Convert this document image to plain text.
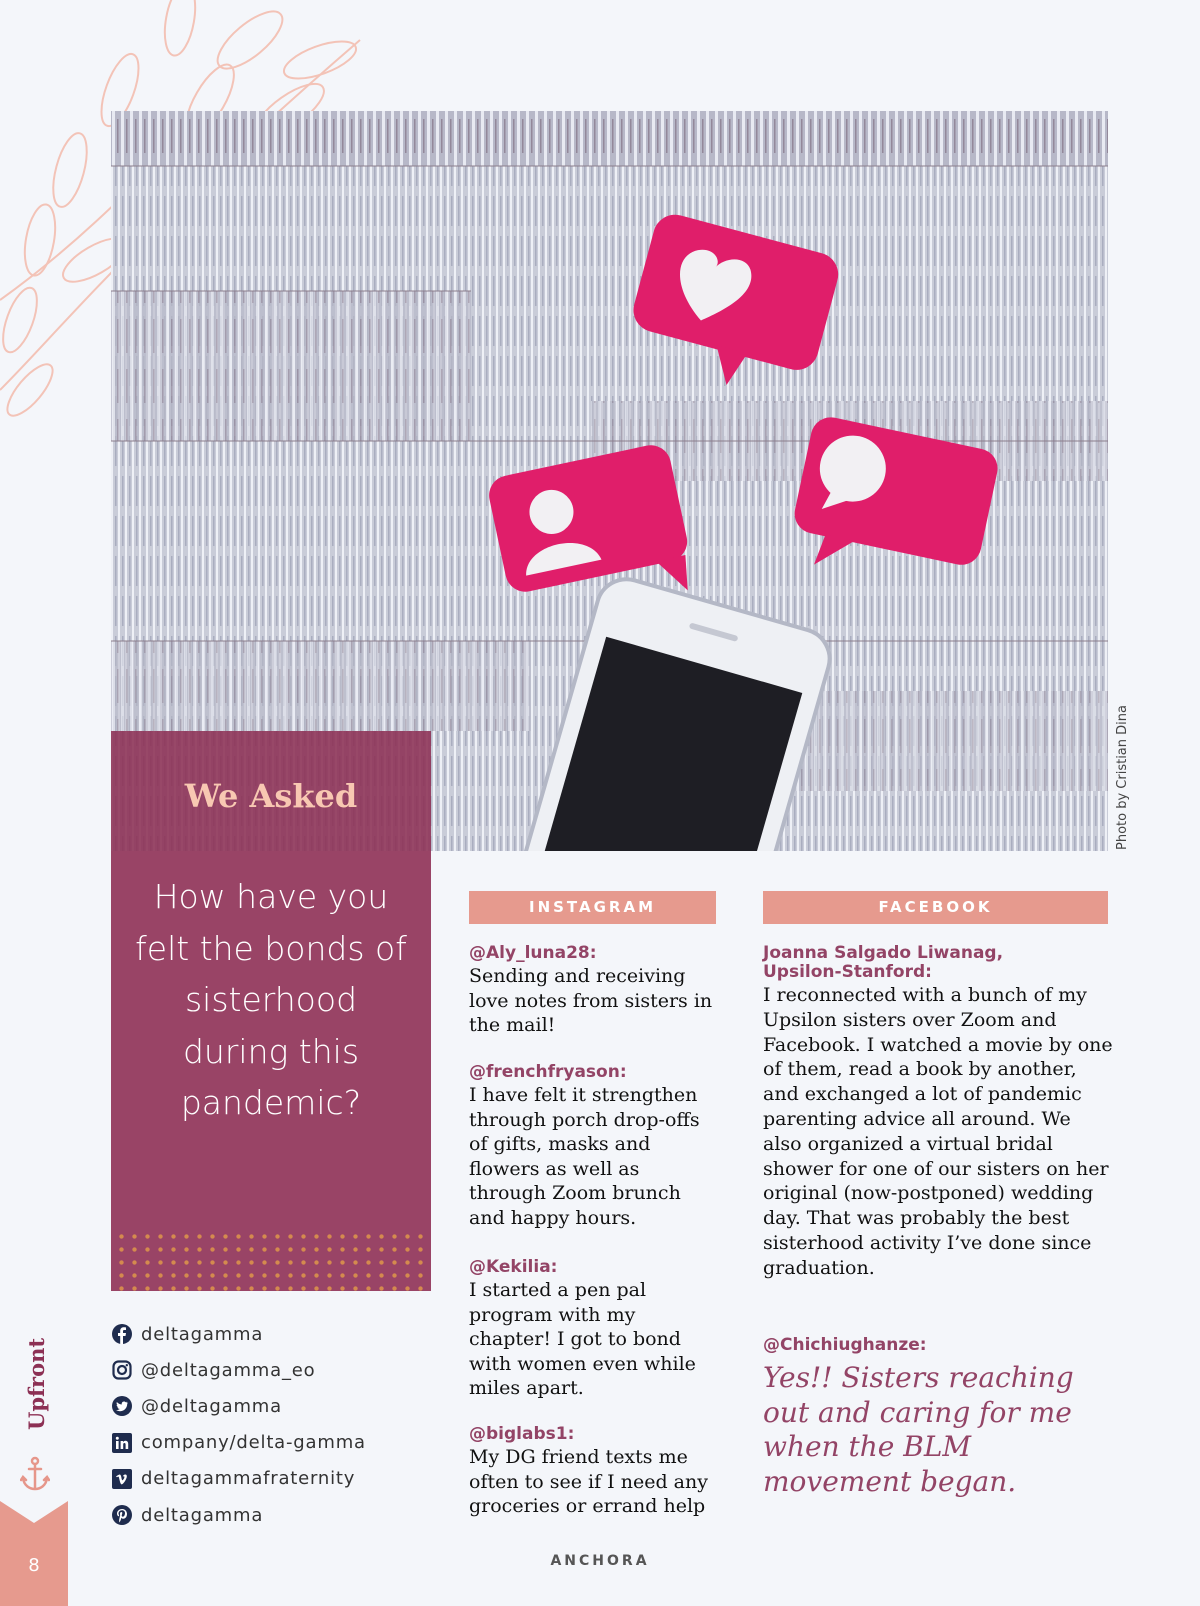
Photo by Cristian Dina
We Asked
How have you felt the bonds of sisterhood during this pandemic?
INSTAGRAM
@Aly_luna28:
Sending and receiving love notes from sisters in the mail!
@frenchfryason:
I have felt it strengthen through porch drop-offs of gifts, masks and flowers as well as through Zoom brunch and happy hours.
@Kekilia:
I started a pen pal program with my chapter! I got to bond with women even while miles apart.
@biglabs1:
My DG friend texts me often to see if I need any groceries or errand help
FACEBOOK
Joanna Salgado Liwanag,
Upsilon-Stanford:
I reconnected with a bunch of my Upsilon sisters over Zoom and Facebook. I watched a movie by one of them, read a book by another, and exchanged a lot of pandemic parenting advice all around. We also organized a virtual bridal shower for one of our sisters on her original (now-postponed) wedding day. That was probably the best sisterhood activity I’ve done since graduation.
@Chichiughanze:
Yes!! Sisters reaching out and caring for me when the BLM movement began.
deltagamma
@deltagamma_eo
@deltagamma
company/delta-gamma
deltagammafraternity
deltagamma
Upfront
8	ANCHORA
